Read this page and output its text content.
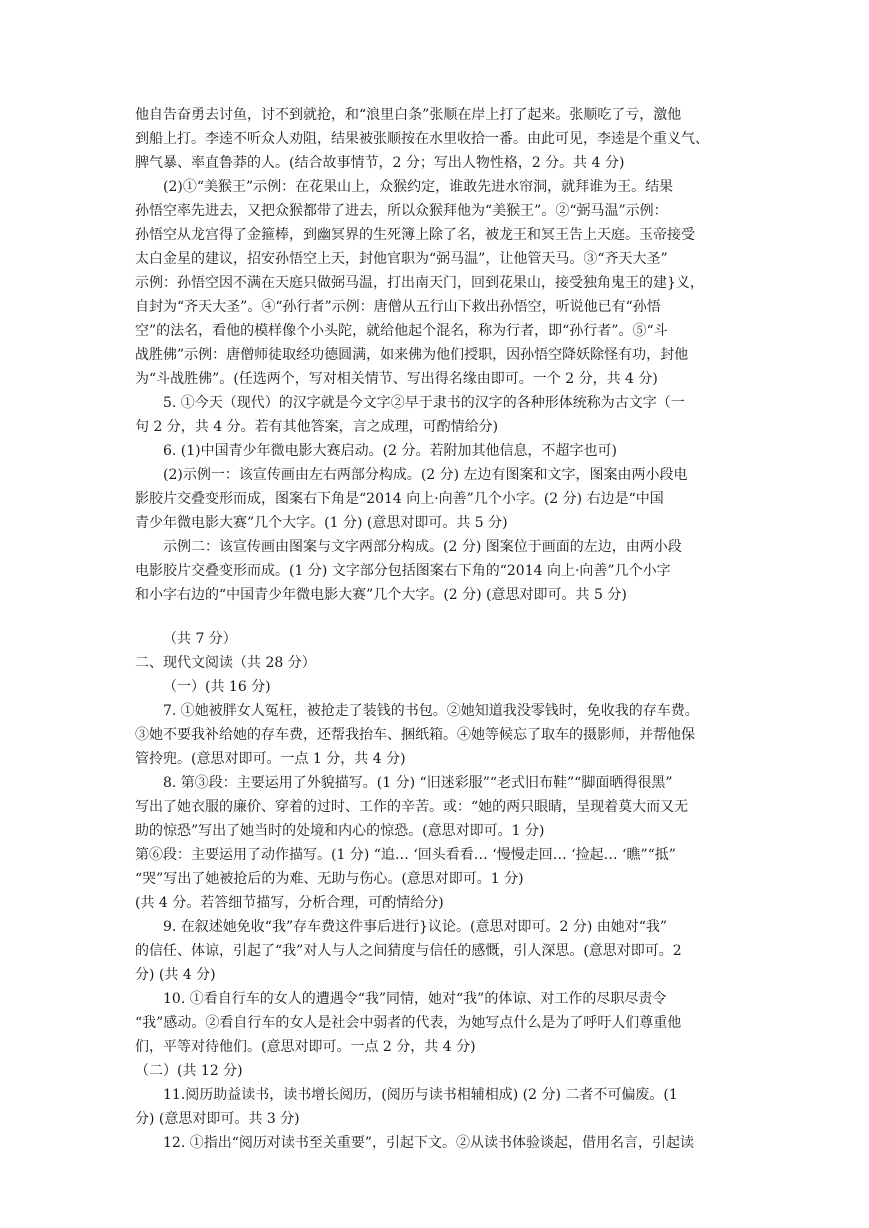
他自告奋勇去讨鱼，讨不到就抢，和“浪里白条”张顺在岸上打了起来。张顺吃了亏，激他
到船上打。李逵不听众人劝阻，结果被张顺按在水里收拾一番。由此可见，李逵是个重义气、
脾气暴、率直鲁莽的人。(结合故事情节，2 分；写出人物性格，2 分。共 4 分)
(2)①“美猴王”示例：在花果山上，众猴约定，谁敢先进水帘洞，就拜谁为王。结果
孙悟空率先进去，又把众猴都带了进去，所以众猴拜他为“美猴王”。②“弼马温”示例：
孙悟空从龙宫得了金箍棒，到幽冥界的生死簿上除了名，被龙王和冥王告上天庭。玉帝接受
太白金星的建议，招安孙悟空上天，封他官职为“弼马温”，让他管天马。③“齐天大圣”
示例：孙悟空因不满在天庭只做弼马温，打出南天门，回到花果山，接受独角鬼王的建}义，
自封为“齐天大圣”。④“孙行者”示例：唐僧从五行山下救出孙悟空，听说他已有“孙悟
空”的法名，看他的模样像个小头陀，就给他起个混名，称为行者，即“孙行者”。⑤“斗
战胜佛”示例：唐僧师徒取经功德圆满，如来佛为他们授职，因孙悟空降妖除怪有功，封他
为“斗战胜佛”。(任选两个，写对相关情节、写出得名缘由即可。一个 2 分，共 4 分)
5. ①今天（现代）的汉字就是今文字②早于隶书的汉字的各种形体统称为古文字（一
句 2 分，共 4 分。若有其他答案，言之成理，可酌情给分)
6. (1)中国青少年微电影大赛启动。(2 分。若附加其他信息，不超字也可)
(2)示例一：该宣传画由左右两部分构成。(2 分) 左边有图案和文字，图案由两小段电
影胶片交叠变形而成，图案右下角是“2014 向上·向善”几个小字。(2 分) 右边是“中国
青少年微电影大赛”几个大字。(1 分) (意思对即可。共 5 分)
示例二：该宣传画由图案与文字两部分构成。(2 分) 图案位于画面的左边，由两小段
电影胶片交叠变形而成。(1 分) 文字部分包括图案右下角的“2014 向上·向善”几个小字
和小字右边的“中国青少年微电影大赛”几个大字。(2 分) (意思对即可。共 5 分)
（共 7 分）
二、现代文阅读（共 28 分）
（一）(共 16 分)
7. ①她被胖女人冤枉，被抢走了装钱的书包。②她知道我没零钱时，免收我的存车费。
③她不要我补给她的存车费，还帮我抬车、捆纸箱。④她等候忘了取车的摄影师，并帮他保
管拎兜。(意思对即可。一点 1 分，共 4 分)
8. 第③段：主要运用了外貌描写。(1 分) “旧迷彩服”“老式旧布鞋”“脚面晒得很黑”
写出了她衣服的廉价、穿着的过时、工作的辛苦。或：“她的两只眼睛，呈现着莫大而又无
助的惊恐”写出了她当时的处境和内心的惊恐。(意思对即可。1 分)
第⑥段：主要运用了动作描写。(1 分) “追… ‘回头看看… ‘慢慢走回… ‘捡起… ‘瞧”“抵”
“哭”写出了她被抢后的为难、无助与伤心。(意思对即可。1 分)
(共 4 分。若答细节描写，分析合理，可酌情给分)
9. 在叙述她免收“我”存车费这件事后进行}议论。(意思对即可。2 分) 由她对“我”
的信任、体谅，引起了“我”对人与人之间猜度与信任的感慨，引人深思。(意思对即可。2
分) (共 4 分)
10. ①看自行车的女人的遭遇令“我”同情，她对“我”的体谅、对工作的尽职尽责令
“我”感动。②看自行车的女人是社会中弱者的代表，为她写点什么是为了呼吁人们尊重他
们，平等对待他们。(意思对即可。一点 2 分，共 4 分)
（二）(共 12 分)
11.阅历助益读书，读书增长阅历，(阅历与读书相辅相成) (2 分) 二者不可偏废。(1
分) (意思对即可。共 3 分)
12. ①指出“阅历对读书至关重要”，引起下文。②从读书体验谈起，借用名言，引起读
